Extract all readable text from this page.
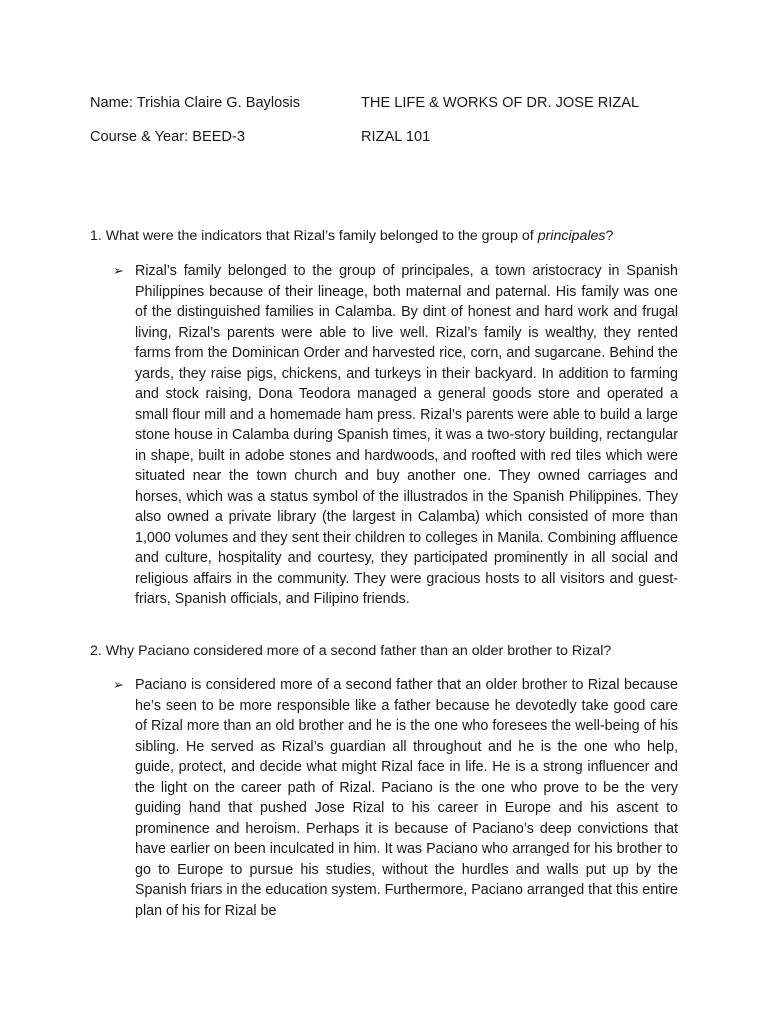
Name: Trishia Claire G. Baylosis	THE LIFE & WORKS OF DR. JOSE RIZAL
Course & Year: BEED-3	RIZAL 101
1. What were the indicators that Rizal’s family belonged to the group of principales?
➢ Rizal’s family belonged to the group of principales, a town aristocracy in Spanish Philippines because of their lineage, both maternal and paternal. His family was one of the distinguished families in Calamba. By dint of honest and hard work and frugal living, Rizal’s parents were able to live well. Rizal’s family is wealthy, they rented farms from the Dominican Order and harvested rice, corn, and sugarcane. Behind the yards, they raise pigs, chickens, and turkeys in their backyard. In addition to farming and stock raising, Dona Teodora managed a general goods store and operated a small flour mill and a homemade ham press. Rizal’s parents were able to build a large stone house in Calamba during Spanish times, it was a two-story building, rectangular in shape, built in adobe stones and hardwoods, and roofted with red tiles which were situated near the town church and buy another one. They owned carriages and horses, which was a status symbol of the illustrados in the Spanish Philippines. They also owned a private library (the largest in Calamba) which consisted of more than 1,000 volumes and they sent their children to colleges in Manila. Combining affluence and culture, hospitality and courtesy, they participated prominently in all social and religious affairs in the community. They were gracious hosts to all visitors and guest-friars, Spanish officials, and Filipino friends.
2. Why Paciano considered more of a second father than an older brother to Rizal?
➢ Paciano is considered more of a second father that an older brother to Rizal because he’s seen to be more responsible like a father because he devotedly take good care of Rizal more than an old brother and he is the one who foresees the well-being of his sibling. He served as Rizal’s guardian all throughout and he is the one who help, guide, protect, and decide what might Rizal face in life. He is a strong influencer and the light on the career path of Rizal. Paciano is the one who prove to be the very guiding hand that pushed Jose Rizal to his career in Europe and his ascent to prominence and heroism. Perhaps it is because of Paciano’s deep convictions that have earlier on been inculcated in him. It was Paciano who arranged for his brother to go to Europe to pursue his studies, without the hurdles and walls put up by the Spanish friars in the education system. Furthermore, Paciano arranged that this entire plan of his for Rizal be
